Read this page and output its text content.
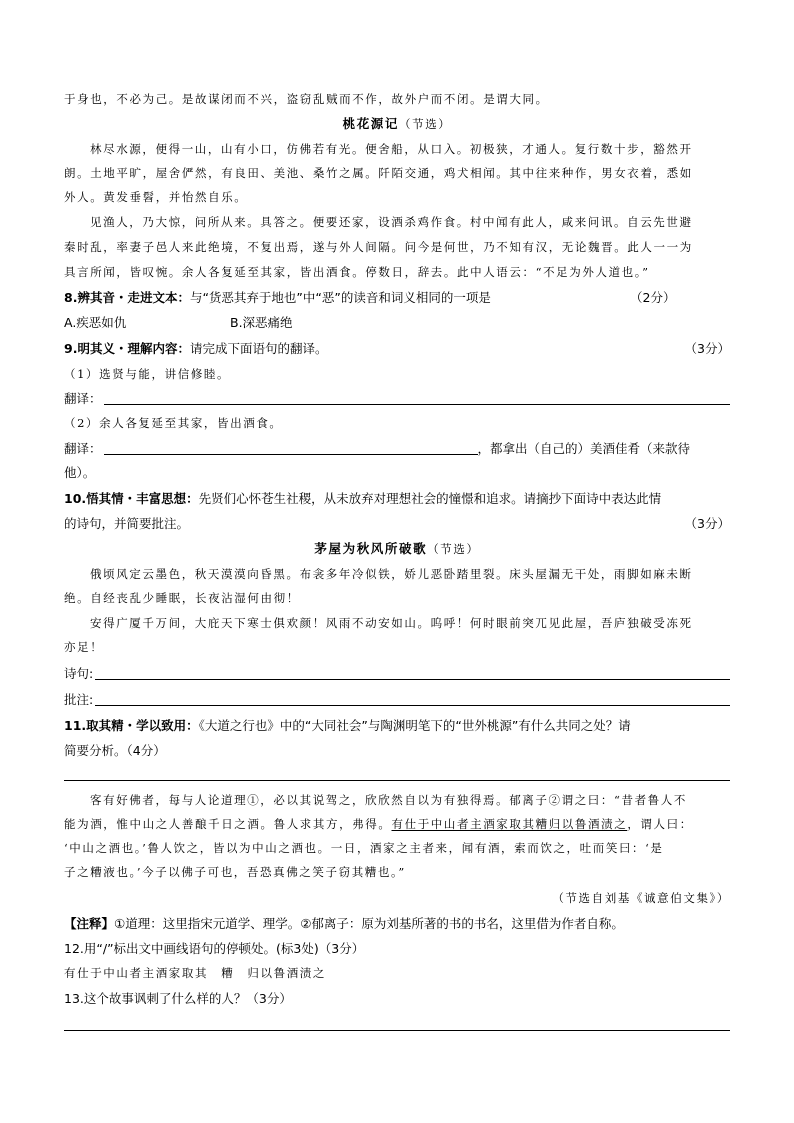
于身也，不必为己。是故谋闭而不兴，盗窃乱贼而不作，故外户而不闭。是谓大同。
桃花源记（节选）
林尽水源，便得一山，山有小口，仿佛若有光。便舍船，从口入。初极狭，才通人。复行数十步，豁然开
朗。土地平旷，屋舍俨然，有良田、美池、桑竹之属。阡陌交通，鸡犬相闻。其中往来种作，男女衣着，悉如
外人。黄发垂髫，并怡然自乐。
见渔人，乃大惊，问所从来。具答之。便要还家，设酒杀鸡作食。村中闻有此人，咸来问讯。自云先世避
秦时乱，率妻子邑人来此绝境，不复出焉，遂与外人间隔。问今是何世，乃不知有汉，无论魏晋。此人一一为
具言所闻，皆叹惋。余人各复延至其家，皆出酒食。停数日，辞去。此中人语云：“不足为外人道也。”
8.辨其音・走进文本：与“货恶其弃于地也”中“恶”的读音和词义相同的一项是	（2分）
A.疾恶如仇	B.深恶痛绝
9.明其义・理解内容：请完成下面语句的翻译。	（3分）
（1）选贤与能，讲信修睦。
翻译：
（2）余人各复延至其家，皆出酒食。
翻译：	，都拿出（自己的）美酒佳肴（来款待
他）。
10.悟其情・丰富思想：先贤们心怀苍生社稷，从未放弃对理想社会的憧憬和追求。请摘抄下面诗中表达此情
的诗句，并简要批注。	（3分）
茅屋为秋风所破歌（节选）
俄顷风定云墨色，秋天漠漠向昏黑。布衾多年冷似铁，娇儿恶卧踏里裂。床头屋漏无干处，雨脚如麻未断
绝。自经丧乱少睡眠，长夜沾湿何由彻！
安得广厦千万间，大庇天下寒士俱欢颜！风雨不动安如山。呜呼！何时眼前突兀见此屋，吾庐独破受冻死
亦足！
诗句:
批注:
11.取其精・学以致用：《大道之行也》中的“大同社会”与陶渊明笔下的“世外桃源”有什么共同之处？请
简要分析。（4分）
客有好佛者，每与人论道理①，必以其说驾之，欣欣然自以为有独得焉。郁离子②谓之曰：“昔者鲁人不
能为酒，惟中山之人善酿千日之酒。鲁人求其方，弗得。有仕于中山者主酒家取其糟归以鲁酒渍之，谓人曰：
‘中山之酒也。’鲁人饮之，皆以为中山之酒也。一日，酒家之主者来，闻有酒，索而饮之，吐而笑曰：‘是
子之糟液也。’今子以佛子可也，吾恐真佛之笑子窃其糟也。”
（节选自刘基《诚意伯文集》）
【注释】①道理：这里指宋元道学、理学。②郁离子：原为刘基所著的书的书名，这里借为作者自称。
12.用“/”标出文中画线语句的停顿处。(标3处)（3分）
有仕于中山者主酒家取其　糟　归以鲁酒渍之
13.这个故事讽刺了什么样的人？（3分）
